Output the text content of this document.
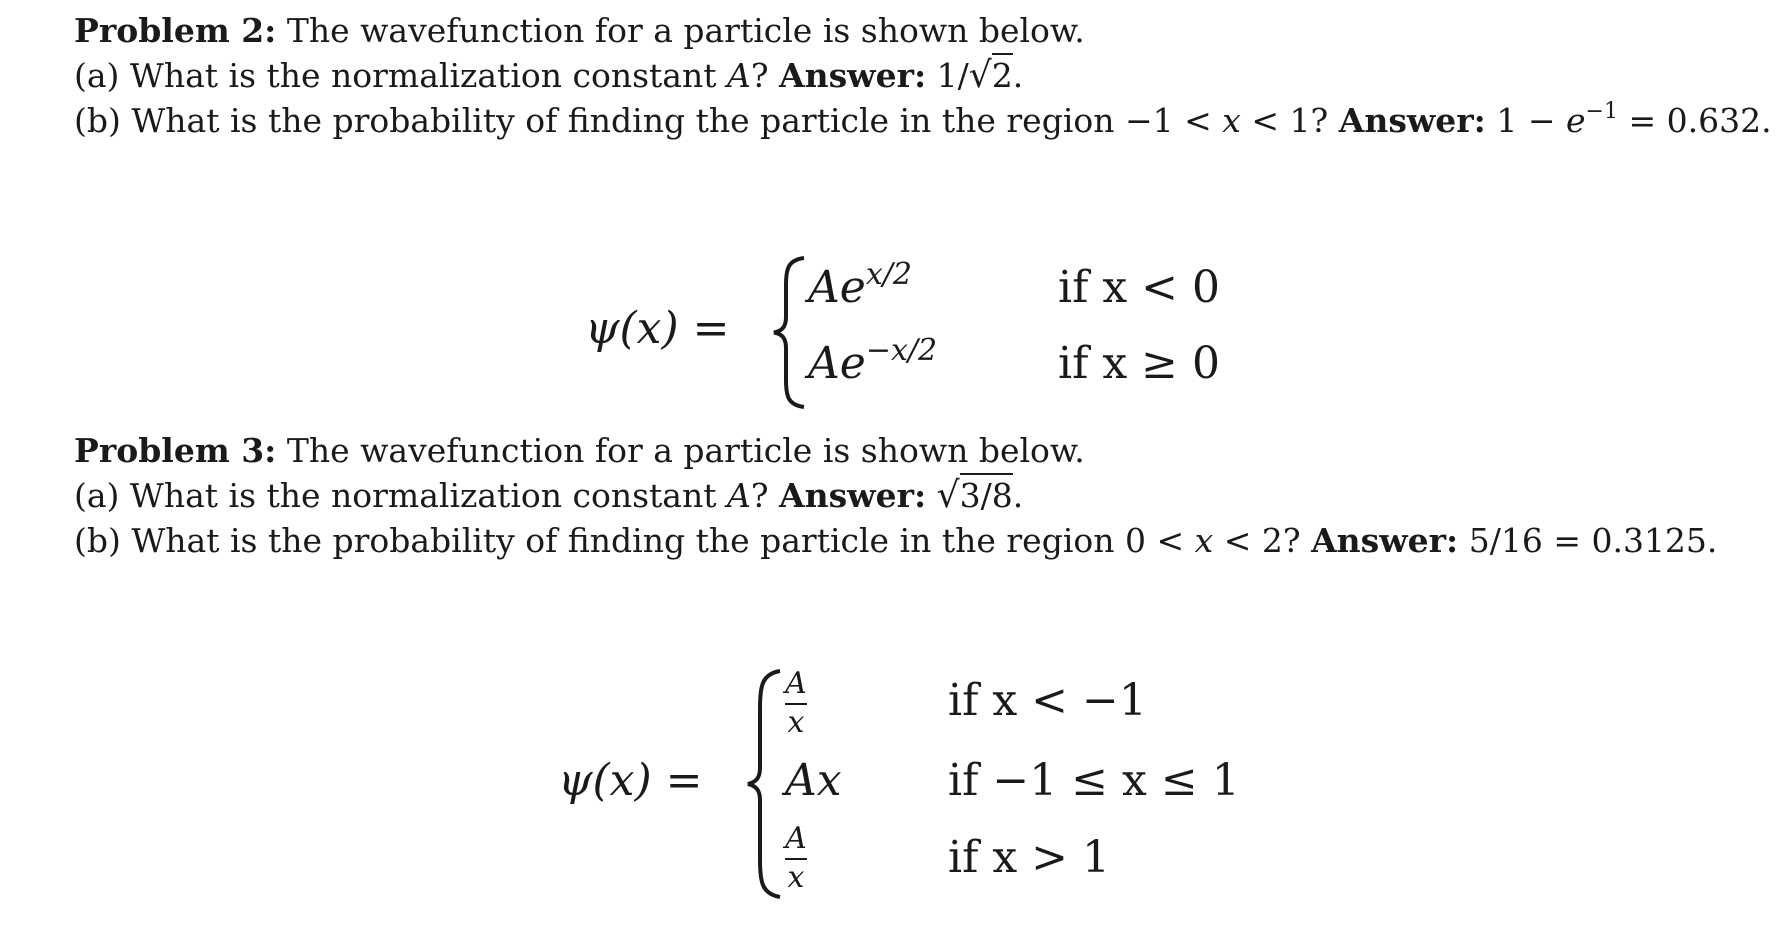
Problem 2: The wavefunction for a particle is shown below.
(a) What is the normalization constant A? Answer: 1/√2.
(b) What is the probability of finding the particle in the region −1 < x < 1? Answer: $1 - e^{-1} = 0.632$.
ψ(x) =
$Ae^{x/2}$	if x < 0
$Ae^{-x/2}$	if x ≥ 0
Problem 3: The wavefunction for a particle is shown below.
(a) What is the normalization constant A? Answer: √3/8.
(b) What is the probability of finding the particle in the region 0 < x < 2? Answer: 5/16 = 0.3125.
ψ(x) =
A
x	if x < −1
Ax if −1 ≤ x ≤ 1
A
x	if x > 1
